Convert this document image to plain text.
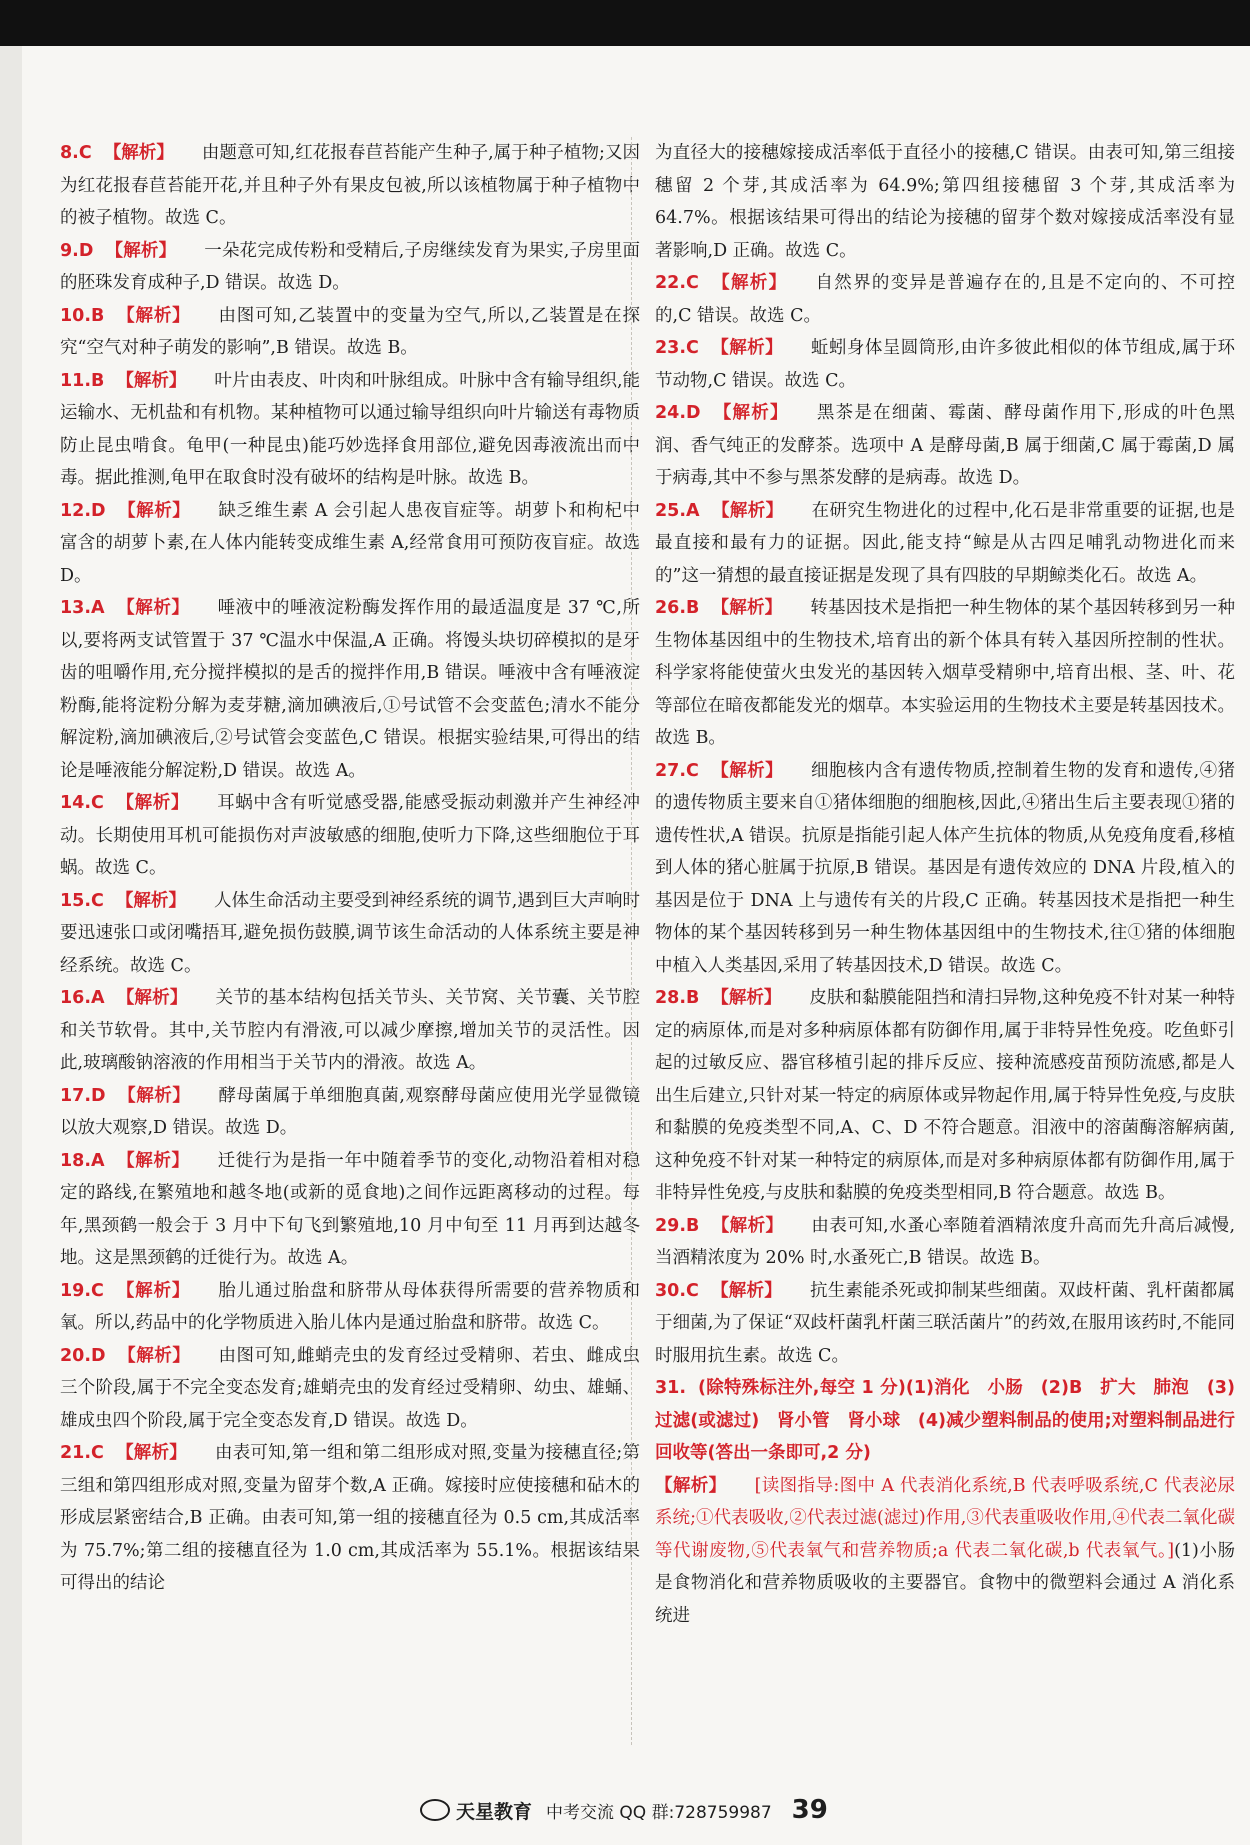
8.C 【解析】 由题意可知,红花报春苣苔能产生种子,属于种子植物;又因为红花报春苣苔能开花,并且种子外有果皮包被,所以该植物属于种子植物中的被子植物。故选 C。

9.D 【解析】 一朵花完成传粉和受精后,子房继续发育为果实,子房里面的胚珠发育成种子,D 错误。故选 D。

10.B 【解析】 由图可知,乙装置中的变量为空气,所以,乙装置是在探究“空气对种子萌发的影响”,B 错误。故选 B。

11.B 【解析】 叶片由表皮、叶肉和叶脉组成。叶脉中含有输导组织,能运输水、无机盐和有机物。某种植物可以通过输导组织向叶片输送有毒物质防止昆虫啃食。龟甲(一种昆虫)能巧妙选择食用部位,避免因毒液流出而中毒。据此推测,龟甲在取食时没有破坏的结构是叶脉。故选 B。

12.D 【解析】 缺乏维生素 A 会引起人患夜盲症等。胡萝卜和枸杞中富含的胡萝卜素,在人体内能转变成维生素 A,经常食用可预防夜盲症。故选 D。

13.A 【解析】 唾液中的唾液淀粉酶发挥作用的最适温度是 37 ℃,所以,要将两支试管置于 37 ℃温水中保温,A 正确。将馒头块切碎模拟的是牙齿的咀嚼作用,充分搅拌模拟的是舌的搅拌作用,B 错误。唾液中含有唾液淀粉酶,能将淀粉分解为麦芽糖,滴加碘液后,①号试管不会变蓝色;清水不能分解淀粉,滴加碘液后,②号试管会变蓝色,C 错误。根据实验结果,可得出的结论是唾液能分解淀粉,D 错误。故选 A。

14.C 【解析】 耳蜗中含有听觉感受器,能感受振动刺激并产生神经冲动。长期使用耳机可能损伤对声波敏感的细胞,使听力下降,这些细胞位于耳蜗。故选 C。

15.C 【解析】 人体生命活动主要受到神经系统的调节,遇到巨大声响时要迅速张口或闭嘴捂耳,避免损伤鼓膜,调节该生命活动的人体系统主要是神经系统。故选 C。

16.A 【解析】 关节的基本结构包括关节头、关节窝、关节囊、关节腔和关节软骨。其中,关节腔内有滑液,可以减少摩擦,增加关节的灵活性。因此,玻璃酸钠溶液的作用相当于关节内的滑液。故选 A。

17.D 【解析】 酵母菌属于单细胞真菌,观察酵母菌应使用光学显微镜以放大观察,D 错误。故选 D。

18.A 【解析】 迁徙行为是指一年中随着季节的变化,动物沿着相对稳定的路线,在繁殖地和越冬地(或新的觅食地)之间作远距离移动的过程。每年,黑颈鹤一般会于 3 月中下旬飞到繁殖地,10 月中旬至 11 月再到达越冬地。这是黑颈鹤的迁徙行为。故选 A。

19.C 【解析】 胎儿通过胎盘和脐带从母体获得所需要的营养物质和氧。所以,药品中的化学物质进入胎儿体内是通过胎盘和脐带。故选 C。

20.D 【解析】 由图可知,雌蛸壳虫的发育经过受精卵、若虫、雌成虫三个阶段,属于不完全变态发育;雄蛸壳虫的发育经过受精卵、幼虫、雄蛹、雄成虫四个阶段,属于完全变态发育,D 错误。故选 D。

21.C 【解析】 由表可知,第一组和第二组形成对照,变量为接穗直径;第三组和第四组形成对照,变量为留芽个数,A 正确。嫁接时应使接穗和砧木的形成层紧密结合,B 正确。由表可知,第一组的接穗直径为 0.5 cm,其成活率为 75.7%;第二组的接穗直径为 1.0 cm,其成活率为 55.1%。根据该结果可得出的结论

为直径大的接穗嫁接成活率低于直径小的接穗,C 错误。由表可知,第三组接穗留 2 个芽,其成活率为 64.9%;第四组接穗留 3 个芽,其成活率为 64.7%。根据该结果可得出的结论为接穗的留芽个数对嫁接成活率没有显著影响,D 正确。故选 C。

22.C 【解析】 自然界的变异是普遍存在的,且是不定向的、不可控的,C 错误。故选 C。

23.C 【解析】 蚯蚓身体呈圆筒形,由许多彼此相似的体节组成,属于环节动物,C 错误。故选 C。

24.D 【解析】 黑茶是在细菌、霉菌、酵母菌作用下,形成的叶色黑润、香气纯正的发酵茶。选项中 A 是酵母菌,B 属于细菌,C 属于霉菌,D 属于病毒,其中不参与黑茶发酵的是病毒。故选 D。

25.A 【解析】 在研究生物进化的过程中,化石是非常重要的证据,也是最直接和最有力的证据。因此,能支持“鲸是从古四足哺乳动物进化而来的”这一猜想的最直接证据是发现了具有四肢的早期鲸类化石。故选 A。

26.B 【解析】 转基因技术是指把一种生物体的某个基因转移到另一种生物体基因组中的生物技术,培育出的新个体具有转入基因所控制的性状。科学家将能使萤火虫发光的基因转入烟草受精卵中,培育出根、茎、叶、花等部位在暗夜都能发光的烟草。本实验运用的生物技术主要是转基因技术。故选 B。

27.C 【解析】 细胞核内含有遗传物质,控制着生物的发育和遗传,④猪的遗传物质主要来自①猪体细胞的细胞核,因此,④猪出生后主要表现①猪的遗传性状,A 错误。抗原是指能引起人体产生抗体的物质,从免疫角度看,移植到人体的猪心脏属于抗原,B 错误。基因是有遗传效应的 DNA 片段,植入的基因是位于 DNA 上与遗传有关的片段,C 正确。转基因技术是指把一种生物体的某个基因转移到另一种生物体基因组中的生物技术,往①猪的体细胞中植入人类基因,采用了转基因技术,D 错误。故选 C。

28.B 【解析】 皮肤和黏膜能阻挡和清扫异物,这种免疫不针对某一种特定的病原体,而是对多种病原体都有防御作用,属于非特异性免疫。吃鱼虾引起的过敏反应、器官移植引起的排斥反应、接种流感疫苗预防流感,都是人出生后建立,只针对某一特定的病原体或异物起作用,属于特异性免疫,与皮肤和黏膜的免疫类型不同,A、C、D 不符合题意。泪液中的溶菌酶溶解病菌,这种免疫不针对某一种特定的病原体,而是对多种病原体都有防御作用,属于非特异性免疫,与皮肤和黏膜的免疫类型相同,B 符合题意。故选 B。

29.B 【解析】 由表可知,水蚤心率随着酒精浓度升高而先升高后减慢,当酒精浓度为 20% 时,水蚤死亡,B 错误。故选 B。

30.C 【解析】 抗生素能杀死或抑制某些细菌。双歧杆菌、乳杆菌都属于细菌,为了保证“双歧杆菌乳杆菌三联活菌片”的药效,在服用该药时,不能同时服用抗生素。故选 C。

31. (除特殊标注外,每空 1 分)(1)消化　小肠　(2)B　扩大　肺泡　(3)过滤(或滤过)　肾小管　肾小球　(4)减少塑料制品的使用;对塑料制品进行回收等(答出一条即可,2 分)

【解析】 [读图指导:图中 A 代表消化系统,B 代表呼吸系统,C 代表泌尿系统;①代表吸收,②代表过滤(滤过)作用,③代表重吸收作用,④代表二氧化碳等代谢废物,⑤代表氧气和营养物质;a 代表二氧化碳,b 代表氧气。](1)小肠是食物消化和营养物质吸收的主要器官。食物中的微塑料会通过 A 消化系统进

天星教育 中考交流 QQ 群:728759987 39
